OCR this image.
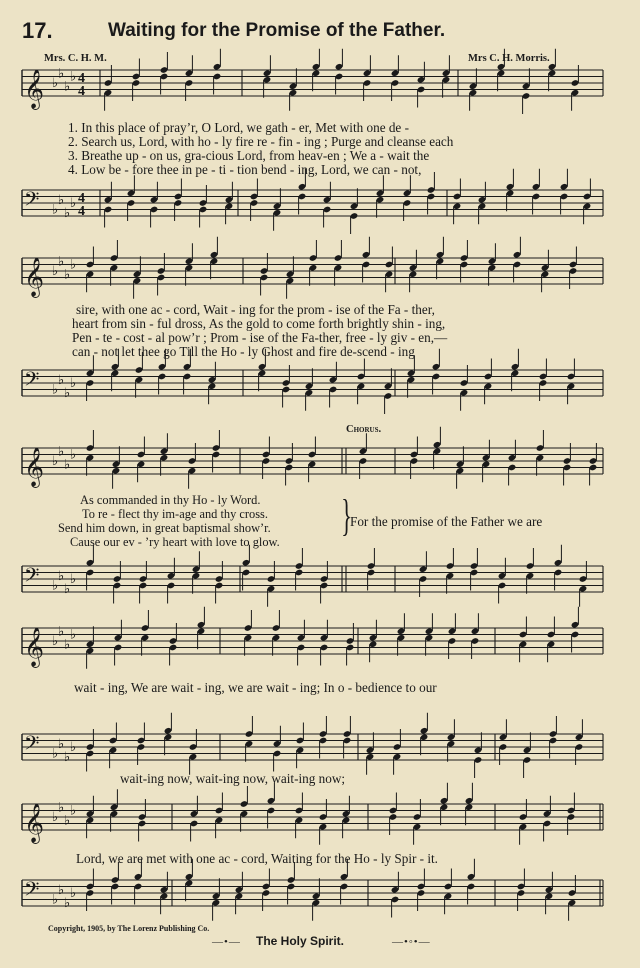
17.	Waiting for the Promise of the Father.
Mrs. C. H. M.	Mrs C. H. Morris.
𝄞 ♭
♭
♭
♭ 4
4
1. In this place of pray’r, O Lord, we gath - er, Met with one de -
2. Search us, Lord, with ho - ly fire re - fin - ing ; Purge and cleanse each
3. Breathe up - on us, gra-cious Lord, from heav-en ; We a - wait the
4. Low be - fore thee in pe - ti - tion bend - ing, Lord, we can - not,
𝄢 ♭
♭
♭
♭ 4
4
𝄞 ♭
♭
♭
♭
sire, with one ac - cord, Wait - ing for the prom - ise of the Fa - ther,
heart from sin - ful dross, As the gold to come forth brightly shin - ing,
Pen - te - cost - al pow’r ; Prom - ise of the Fa-ther, free - ly giv - en,—
can - not let thee go Till the Ho - ly Ghost and fire de-scend - ing
𝄢 ♭
♭
♭
♭
Chorus.
𝄞 ♭
♭
♭
♭
As commanded in thy Ho - ly Word.
To re - flect thy im-age and thy cross.
Send him down, in great baptismal show’r.
Cause our ev - ’ry heart with love to glow.
}
For the promise of the Father we are
𝄢 ♭
♭
♭
♭
𝄞 ♭
♭
♭
♭
wait - ing, We are wait - ing, we are wait - ing; In o - bedience to our
𝄢 ♭
♭
♭
♭
wait-ing now, wait-ing now, wait-ing now;
𝄞 ♭
♭
♭
♭
Lord, we are met with one ac - cord, Waiting for the Ho - ly Spir - it.
𝄢 ♭
♭
♭
♭
Copyright, 1905, by The Lorenz Publishing Co.
—•— The Holy Spirit.	—•◦•—
